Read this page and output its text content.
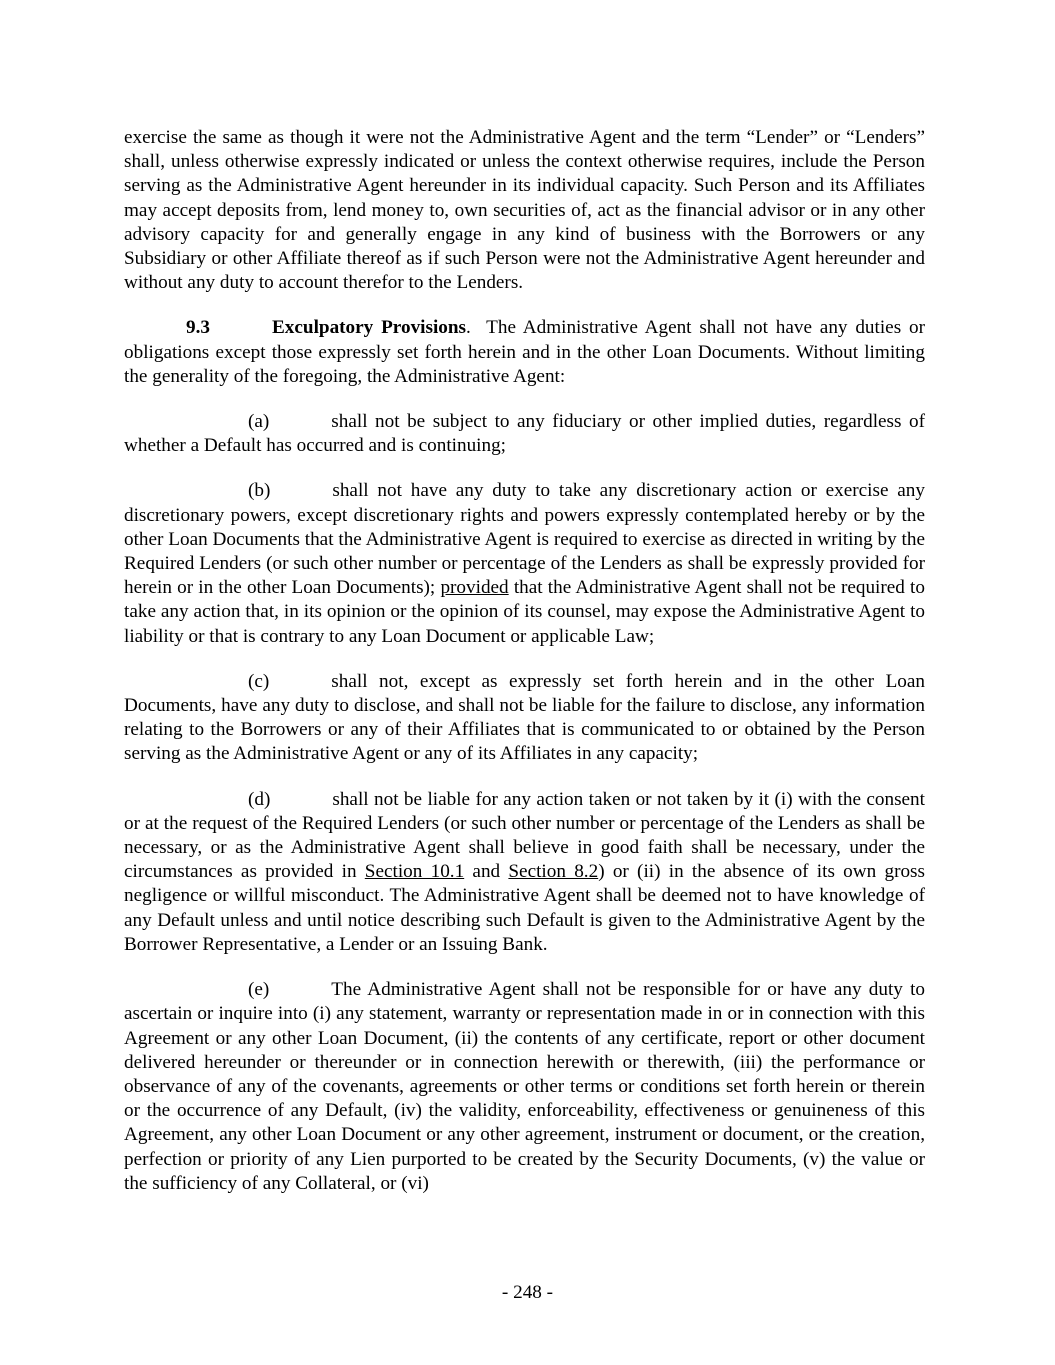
exercise the same as though it were not the Administrative Agent and the term “Lender” or “Lenders” shall, unless otherwise expressly indicated or unless the context otherwise requires, include the Person serving as the Administrative Agent hereunder in its individual capacity. Such Person and its Affiliates may accept deposits from, lend money to, own securities of, act as the financial advisor or in any other advisory capacity for and generally engage in any kind of business with the Borrowers or any Subsidiary or other Affiliate thereof as if such Person were not the Administrative Agent hereunder and without any duty to account therefor to the Lenders.

9.3	Exculpatory Provisions. The Administrative Agent shall not have any duties or obligations except those expressly set forth herein and in the other Loan Documents. Without limiting the generality of the foregoing, the Administrative Agent:

(a)	shall not be subject to any fiduciary or other implied duties, regardless of whether a Default has occurred and is continuing;

(b)	shall not have any duty to take any discretionary action or exercise any discretionary powers, except discretionary rights and powers expressly contemplated hereby or by the other Loan Documents that the Administrative Agent is required to exercise as directed in writing by the Required Lenders (or such other number or percentage of the Lenders as shall be expressly provided for herein or in the other Loan Documents); provided that the Administrative Agent shall not be required to take any action that, in its opinion or the opinion of its counsel, may expose the Administrative Agent to liability or that is contrary to any Loan Document or applicable Law;

(c)	shall not, except as expressly set forth herein and in the other Loan Documents, have any duty to disclose, and shall not be liable for the failure to disclose, any information relating to the Borrowers or any of their Affiliates that is communicated to or obtained by the Person serving as the Administrative Agent or any of its Affiliates in any capacity;

(d)	shall not be liable for any action taken or not taken by it (i) with the consent or at the request of the Required Lenders (or such other number or percentage of the Lenders as shall be necessary, or as the Administrative Agent shall believe in good faith shall be necessary, under the circumstances as provided in Section 10.1 and Section 8.2) or (ii) in the absence of its own gross negligence or willful misconduct. The Administrative Agent shall be deemed not to have knowledge of any Default unless and until notice describing such Default is given to the Administrative Agent by the Borrower Representative, a Lender or an Issuing Bank.

(e)	The Administrative Agent shall not be responsible for or have any duty to ascertain or inquire into (i) any statement, warranty or representation made in or in connection with this Agreement or any other Loan Document, (ii) the contents of any certificate, report or other document delivered hereunder or thereunder or in connection herewith or therewith, (iii) the performance or observance of any of the covenants, agreements or other terms or conditions set forth herein or therein or the occurrence of any Default, (iv) the validity, enforceability, effectiveness or genuineness of this Agreement, any other Loan Document or any other agreement, instrument or document, or the creation, perfection or priority of any Lien purported to be created by the Security Documents, (v) the value or the sufficiency of any Collateral, or (vi)

- 248 -
